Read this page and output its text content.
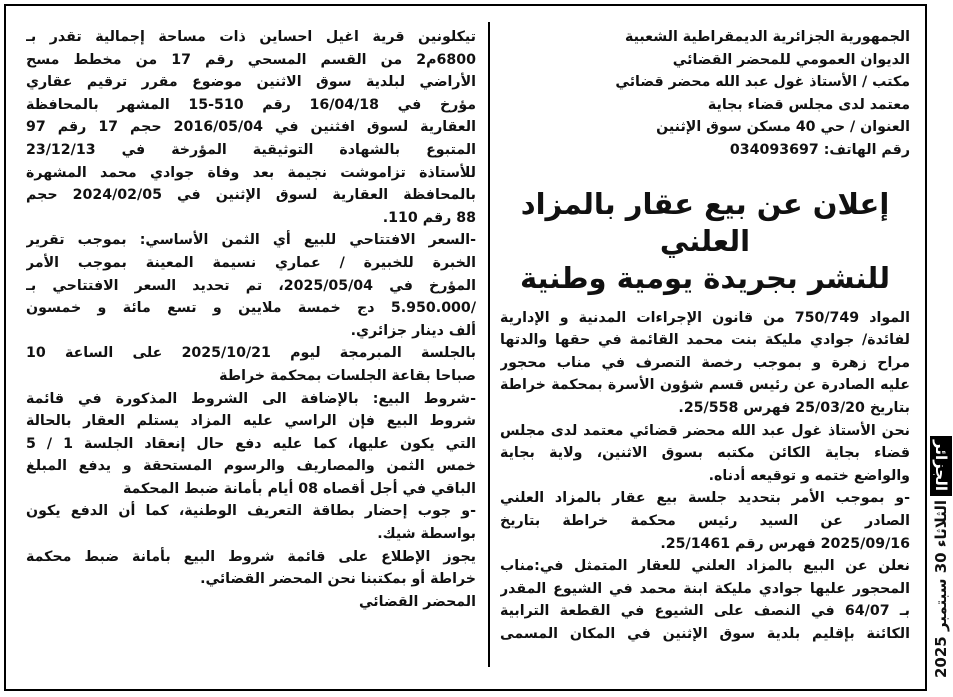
الجمهورية الجزائرية الديمقراطية الشعبية
الديوان العمومي للمحضر القضائي
مكتب / الأستاذ غول عبد الله محضر قضائي
معتمد لدى مجلس قضاء بجاية
العنوان / حي 40 مسكن سوق الإثنين
رقم الهاتف: 034093697
إعلان عن بيع عقار بالمزاد
العلني
للنشر بجريدة يومية وطنية
المواد 750/749 من قانون الإجراءات المدنية و الإدارية
لفائدة/ جوادي مليكة بنت محمد القائمة في حقها والدتها
مراح زهرة و بموجب رخصة التصرف في مناب محجور
عليه الصادرة عن رئيس قسم شؤون الأسرة بمحكمة خراطة
بتاريخ 25/03/20 فهرس 25/558.
نحن الأستاذ غول عبد الله محضر قضائي معتمد لدى مجلس
قضاء بجاية الكائن مكتبه بسوق الاثنين، ولاية بجاية
والواضع ختمه و توقيعه أدناه.
-و بموجب الأمر بتحديد جلسة بيع عقار بالمزاد العلني
الصادر عن السيد رئيس محكمة خراطة بتاريخ
2025/09/16 فهرس رقم 25/1461.
نعلن عن البيع بالمزاد العلني للعقار المتمثل في:مناب
المحجور عليها جوادي مليكة ابنة محمد في الشيوع المقدر
بـ 64/07 في النصف على الشيوع في القطعة الترابية
الكائنة بإقليم بلدية سوق الإثنين في المكان المسمى
تيكلونين قرية اغيل احساين ذات مساحة إجمالية تقدر بـ
6800م2 من القسم المسحي رقم 17 من مخطط مسح
الأراضي لبلدية سوق الاثنين موضوع مقرر ترقيم عقاري
مؤرخ في 16/04/18 رقم 510-15 المشهر بالمحافظة
العقارية لسوق افثنين في 2016/05/04 حجم 17 رقم 97
المتبوع بالشهادة التوثيقية المؤرخة في 23/12/13
للأستاذة تزاموشت نجيمة بعد وفاة جوادي محمد المشهرة
بالمحافظة العقارية لسوق الإثنين في 2024/02/05 حجم
88 رقم 110.
-السعر الافتتاحي للبيع أي الثمن الأساسي: بموجب تقرير
الخبرة للخبيرة / عماري نسيمة المعينة بموجب الأمر
المؤرخ في 2025/05/04، تم تحديد السعر الافتتاحي بـ
/5.950.000 دج خمسة ملايين و تسع مائة و خمسون
ألف دينار جزائري.
بالجلسة المبرمجة ليوم 2025/10/21 على الساعة 10
صباحا بقاعة الجلسات بمحكمة خراطة
-شروط البيع: بالإضافة الى الشروط المذكورة في قائمة
شروط البيع فإن الراسي عليه المزاد يستلم العقار بالحالة
التي يكون عليها، كما عليه دفع حال إنعقاد الجلسة 1 / 5
خمس الثمن والمصاريف والرسوم المستحقة و يدفع المبلغ
الباقي في أجل أقصاه 08 أيام بأمانة ضبط المحكمة
-و جوب إحضار بطاقة التعريف الوطنية، كما أن الدفع يكون
بواسطة شيك.
يجوز الإطلاع على قائمة شروط البيع بأمانة ضبط محكمة
خراطة أو بمكتبنا نحن المحضر القضائي.
المحضر القضائي
الجزائر
الثلاثاء 30 سبتمبر 2025
